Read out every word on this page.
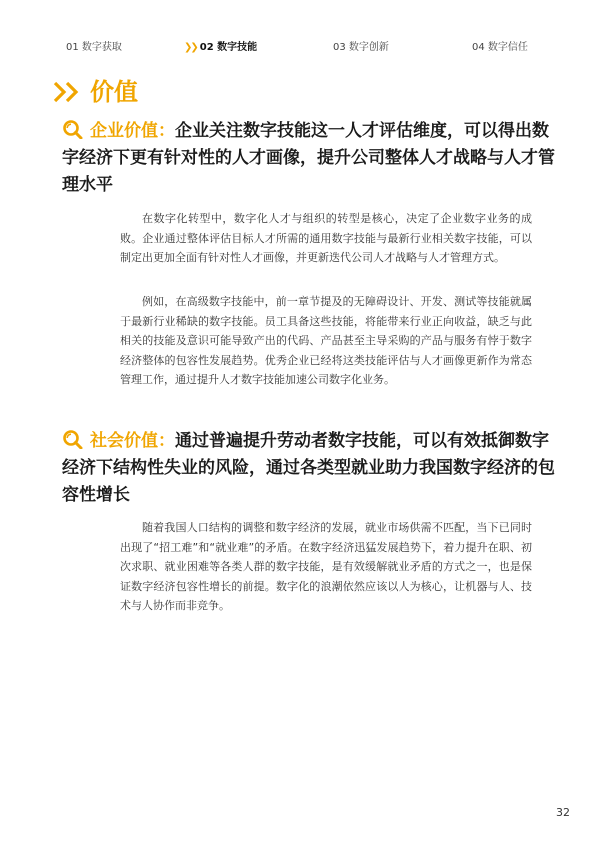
01 数字获取	❯❯ 02 数字技能	03 数字创新	04 数字信任
价值
企业价值：企业关注数字技能这一人才评估维度，可以得出数字经济下更有针对性的人才画像，提升公司整体人才战略与人才管理水平

在数字化转型中，数字化人才与组织的转型是核心，决定了企业数字业务的成败。企业通过整体评估目标人才所需的通用数字技能与最新行业相关数字技能，可以制定出更加全面有针对性人才画像，并更新迭代公司人才战略与人才管理方式。

例如，在高级数字技能中，前一章节提及的无障碍设计、开发、测试等技能就属于最新行业稀缺的数字技能。员工具备这些技能，将能带来行业正向收益，缺乏与此相关的技能及意识可能导致产出的代码、产品甚至主导采购的产品与服务有悖于数字经济整体的包容性发展趋势。优秀企业已经将这类技能评估与人才画像更新作为常态管理工作，通过提升人才数字技能加速公司数字化业务。

社会价值：通过普遍提升劳动者数字技能，可以有效抵御数字经济下结构性失业的风险，通过各类型就业助力我国数字经济的包容性增长

随着我国人口结构的调整和数字经济的发展，就业市场供需不匹配，当下已同时出现了“招工难”和“就业难”的矛盾。在数字经济迅猛发展趋势下，着力提升在职、初次求职、就业困难等各类人群的数字技能，是有效缓解就业矛盾的方式之一，也是保证数字经济包容性增长的前提。数字化的浪潮依然应该以人为核心，让机器与人、技术与人协作而非竞争。

32
